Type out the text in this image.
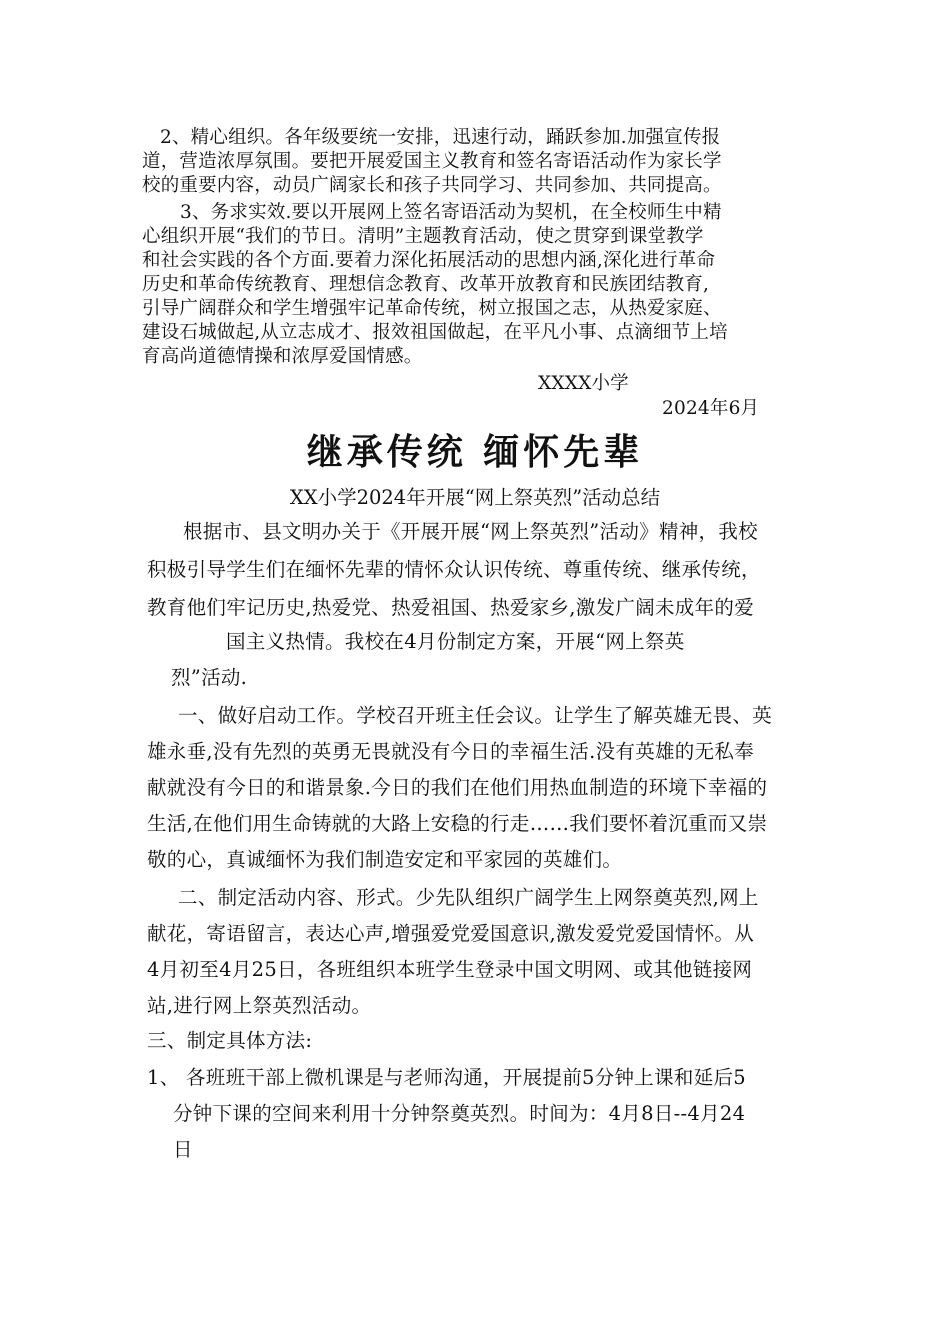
2、精心组织。各年级要统一安排，迅速行动，踊跃参加.加强宣传报
道，营造浓厚氛围。要把开展爱国主义教育和签名寄语活动作为家长学
校的重要内容，动员广阔家长和孩子共同学习、共同参加、共同提高。
3、务求实效.要以开展网上签名寄语活动为契机，在全校师生中精
心组织开展“我们的节日。清明”主题教育活动，使之贯穿到课堂教学
和社会实践的各个方面.要着力深化拓展活动的思想内涵,深化进行革命
历史和革命传统教育、理想信念教育、改革开放教育和民族团结教育,
引导广阔群众和学生增强牢记革命传统，树立报国之志，从热爱家庭、
建设石城做起,从立志成才、报效祖国做起，在平凡小事、点滴细节上培
育高尚道德情操和浓厚爱国情感。
XXXX小学
2024年6月
继承传统 缅怀先辈
XX小学2024年开展“网上祭英烈”活动总结
根据市、县文明办关于《开展开展“网上祭英烈”活动》精神，我校
积极引导学生们在缅怀先辈的情怀众认识传统、尊重传统、继承传统，
教育他们牢记历史,热爱党、热爱祖国、热爱家乡,激发广阔未成年的爱
国主义热情。我校在4月份制定方案，开展“网上祭英
烈”活动.
一、做好启动工作。学校召开班主任会议。让学生了解英雄无畏、英
雄永垂,没有先烈的英勇无畏就没有今日的幸福生活.没有英雄的无私奉
献就没有今日的和谐景象.今日的我们在他们用热血制造的环境下幸福的
生活,在他们用生命铸就的大路上安稳的行走……我们要怀着沉重而又崇
敬的心，真诚缅怀为我们制造安定和平家园的英雄们。
二、制定活动内容、形式。少先队组织广阔学生上网祭奠英烈,网上
献花，寄语留言，表达心声,增强爱党爱国意识,激发爱党爱国情怀。从
4月初至4月25日，各班组织本班学生登录中国文明网、或其他链接网
站,进行网上祭英烈活动。
三、制定具体方法:
1、 各班班干部上微机课是与老师沟通，开展提前5分钟上课和延后5
分钟下课的空间来利用十分钟祭奠英烈。时间为：4月8日--4月24
日
